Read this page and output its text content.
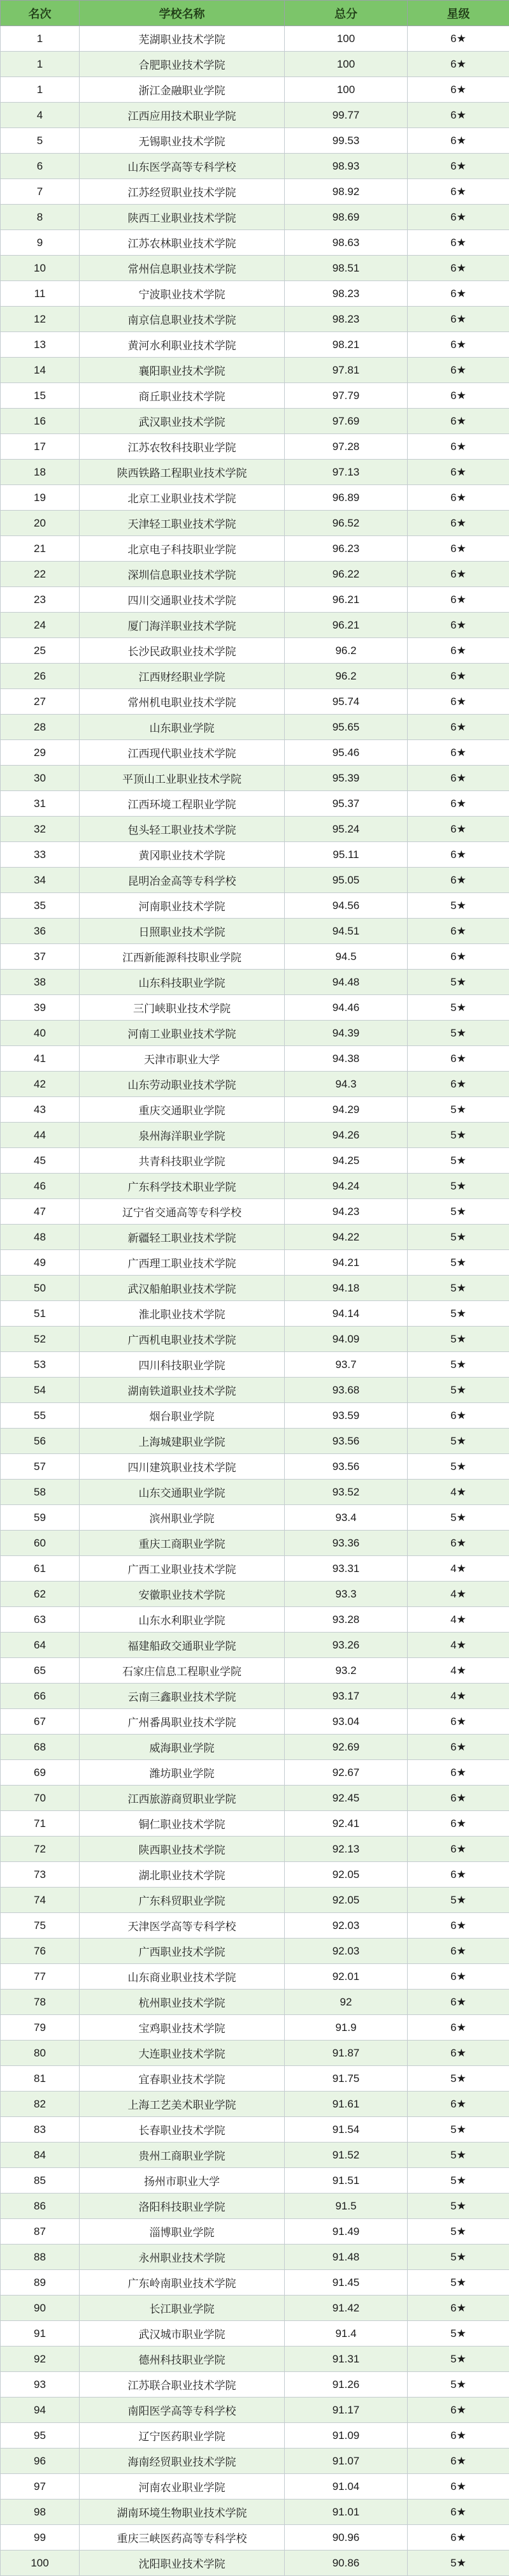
名次	学校名称	总分	星级
1	芜湖职业技术学院	100	6★
1	合肥职业技术学院	100	6★
1	浙江金融职业学院	100	6★
4	江西应用技术职业学院	99.77	6★
5	无锡职业技术学院	99.53	6★
6	山东医学高等专科学校	98.93	6★
7	江苏经贸职业技术学院	98.92	6★
8	陕西工业职业技术学院	98.69	6★
9	江苏农林职业技术学院	98.63	6★
10	常州信息职业技术学院	98.51	6★
11	宁波职业技术学院	98.23	6★
12	南京信息职业技术学院	98.23	6★
13	黄河水利职业技术学院	98.21	6★
14	襄阳职业技术学院	97.81	6★
15	商丘职业技术学院	97.79	6★
16	武汉职业技术学院	97.69	6★
17	江苏农牧科技职业学院	97.28	6★
18	陕西铁路工程职业技术学院	97.13	6★
19	北京工业职业技术学院	96.89	6★
20	天津轻工职业技术学院	96.52	6★
21	北京电子科技职业学院	96.23	6★
22	深圳信息职业技术学院	96.22	6★
23	四川交通职业技术学院	96.21	6★
24	厦门海洋职业技术学院	96.21	6★
25	长沙民政职业技术学院	96.2	6★
26	江西财经职业学院	96.2	6★
27	常州机电职业技术学院	95.74	6★
28	山东职业学院	95.65	6★
29	江西现代职业技术学院	95.46	6★
30	平顶山工业职业技术学院	95.39	6★
31	江西环境工程职业学院	95.37	6★
32	包头轻工职业技术学院	95.24	6★
33	黄冈职业技术学院	95.11	6★
34	昆明冶金高等专科学校	95.05	6★
35	河南职业技术学院	94.56	5★
36	日照职业技术学院	94.51	6★
37	江西新能源科技职业学院	94.5	6★
38	山东科技职业学院	94.48	5★
39	三门峡职业技术学院	94.46	5★
40	河南工业职业技术学院	94.39	5★
41	天津市职业大学	94.38	6★
42	山东劳动职业技术学院	94.3	6★
43	重庆交通职业学院	94.29	5★
44	泉州海洋职业学院	94.26	5★
45	共青科技职业学院	94.25	5★
46	广东科学技术职业学院	94.24	5★
47	辽宁省交通高等专科学校	94.23	5★
48	新疆轻工职业技术学院	94.22	5★
49	广西理工职业技术学院	94.21	5★
50	武汉船舶职业技术学院	94.18	5★
51	淮北职业技术学院	94.14	5★
52	广西机电职业技术学院	94.09	5★
53	四川科技职业学院	93.7	5★
54	湖南铁道职业技术学院	93.68	5★
55	烟台职业学院	93.59	6★
56	上海城建职业学院	93.56	5★
57	四川建筑职业技术学院	93.56	5★
58	山东交通职业学院	93.52	4★
59	滨州职业学院	93.4	5★
60	重庆工商职业学院	93.36	6★
61	广西工业职业技术学院	93.31	4★
62	安徽职业技术学院	93.3	4★
63	山东水利职业学院	93.28	4★
64	福建船政交通职业学院	93.26	4★
65	石家庄信息工程职业学院	93.2	4★
66	云南三鑫职业技术学院	93.17	4★
67	广州番禺职业技术学院	93.04	6★
68	威海职业学院	92.69	6★
69	潍坊职业学院	92.67	6★
70	江西旅游商贸职业学院	92.45	6★
71	铜仁职业技术学院	92.41	6★
72	陕西职业技术学院	92.13	6★
73	湖北职业技术学院	92.05	6★
74	广东科贸职业学院	92.05	5★
75	天津医学高等专科学校	92.03	6★
76	广西职业技术学院	92.03	6★
77	山东商业职业技术学院	92.01	6★
78	杭州职业技术学院	92	6★
79	宝鸡职业技术学院	91.9	6★
80	大连职业技术学院	91.87	6★
81	宜春职业技术学院	91.75	5★
82	上海工艺美术职业学院	91.61	6★
83	长春职业技术学院	91.54	5★
84	贵州工商职业学院	91.52	5★
85	扬州市职业大学	91.51	5★
86	洛阳科技职业学院	91.5	5★
87	淄博职业学院	91.49	5★
88	永州职业技术学院	91.48	5★
89	广东岭南职业技术学院	91.45	5★
90	长江职业学院	91.42	6★
91	武汉城市职业学院	91.4	5★
92	德州科技职业学院	91.31	5★
93	江苏联合职业技术学院	91.26	5★
94	南阳医学高等专科学校	91.17	6★
95	辽宁医药职业学院	91.09	6★
96	海南经贸职业技术学院	91.07	6★
97	河南农业职业学院	91.04	6★
98	湖南环境生物职业技术学院	91.01	6★
99	重庆三峡医药高等专科学校	90.96	6★
100	沈阳职业技术学院	90.86	5★
